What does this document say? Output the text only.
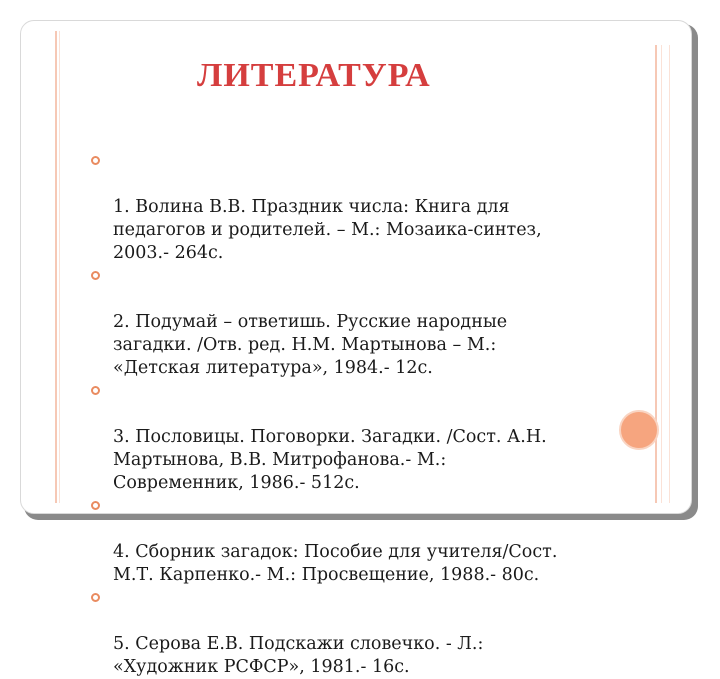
ЛИТЕРАТУРА

1. Волина В.В. Праздник числа: Книга для
педагогов и родителей. – М.: Мозаика-синтез,
2003.- 264с.

2. Подумай – ответишь. Русские народные
загадки. /Отв. ред. Н.М. Мартынова – М.:
«Детская литература», 1984.- 12с.

3. Пословицы. Поговорки. Загадки. /Сост. А.Н.
Мартынова, В.В. Митрофанова.- М.:
Современник, 1986.- 512с.

4. Сборник загадок: Пособие для учителя/Сост.
М.Т. Карпенко.- М.: Просвещение, 1988.- 80с.

5. Серова Е.В. Подскажи словечко. - Л.:
«Художник РСФСР», 1981.- 16с.
